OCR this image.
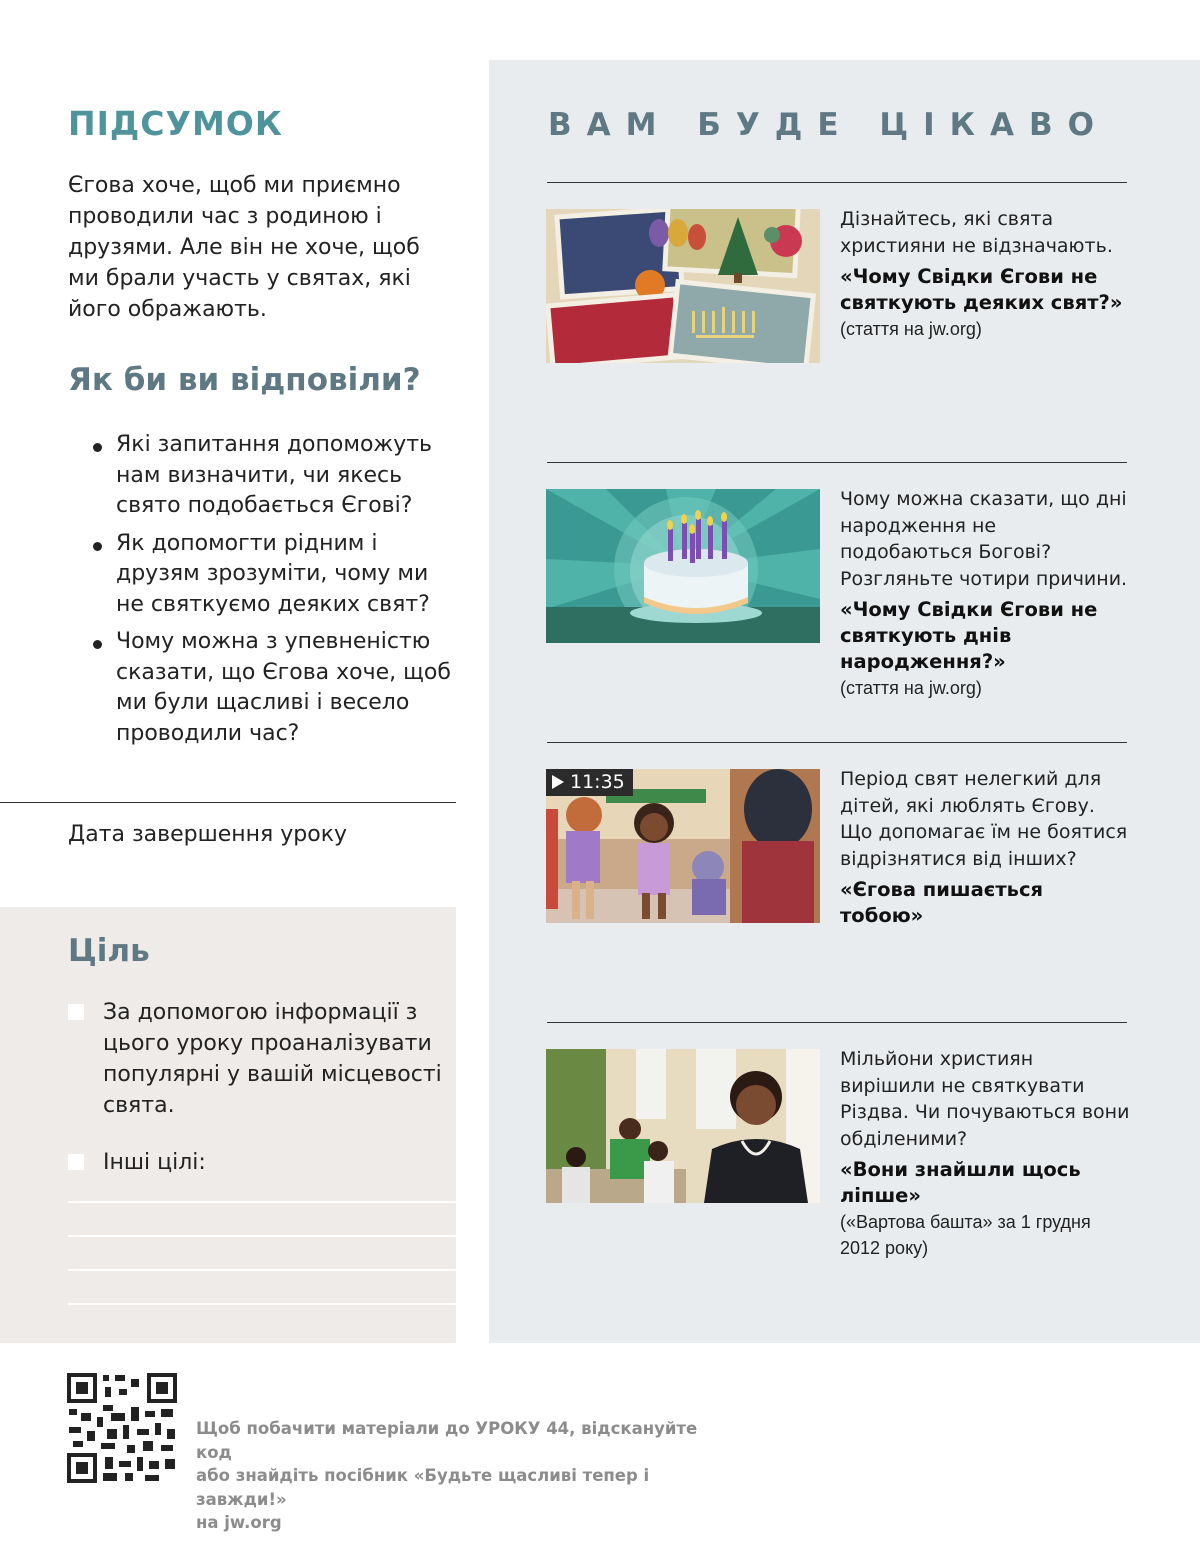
ПІДСУМОК

Єгова хоче, щоб ми приємно проводили час з родиною і друзями. Але він не хоче, щоб ми брали участь у святах, які його ображають.

Як би ви відповіли?
Які запитання допоможуть нам визначити, чи якесь свято подобається Єгові?
Як допомогти рідним і друзям зрозуміти, чому ми не святкуємо деяких свят?
Чому можна з упевненістю сказати, що Єгова хоче, щоб ми були щасливі і весело проводили час?

Дата завершення уроку

Ціль

За допомогою інформації з цього уроку проаналізувати популярні у вашій місцевості свята.

Інші цілі:

ВАМ БУДЕ ЦІКАВО

Дізнайтесь, які свята християни не відзначають.

«Чому Свідки Єгови не святкують деяких свят?»

(стаття на jw.org)

Чому можна сказати, що дні народження не подобаються Богові? Розгляньте чотири причини.

«Чому Свідки Єгови не святкують днів народження?»

(стаття на jw.org)

11:35	Період свят нелегкий для дітей, які люблять Єгову. Що допомагає їм не боятися відрізнятися від інших?

«Єгова пишається тобою»

Мільйони християн вирішили не святкувати Різдва. Чи почуваються вони обділеними?

«Вони знайшли щось ліпше»

(«Вартова башта» за 1 грудня 2012 року)

Щоб побачити матеріали до УРОКУ 44, відскануйте код
або знайдіть посібник «Будьте щасливі тепер і завжди!»
на jw.org
